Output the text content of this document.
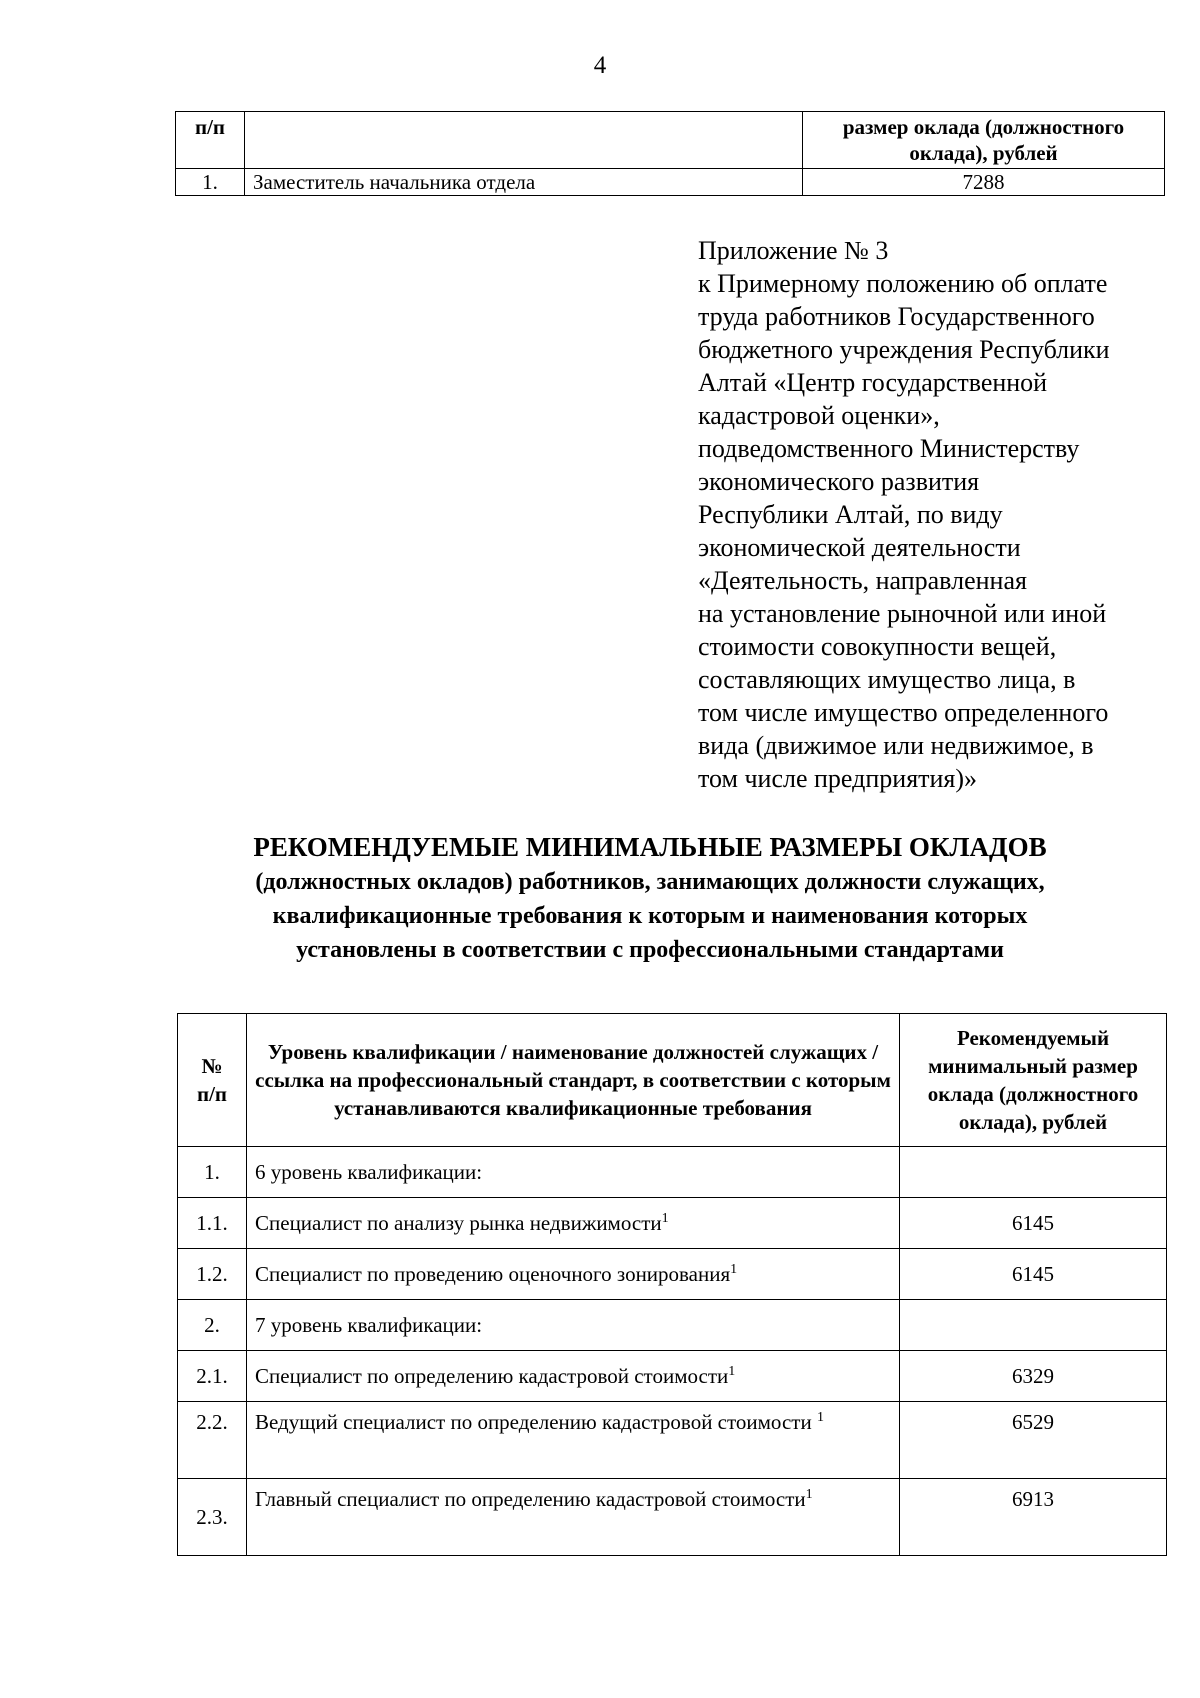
4
п/п		размер оклада (должностного оклада), рублей
1.	Заместитель начальника отдела	7288
Приложение № 3
к Примерному положению об оплате
труда работников Государственного
бюджетного учреждения Республики
Алтай «Центр государственной
кадастровой оценки»,
подведомственного Министерству
экономического развития
Республики Алтай, по виду
экономической деятельности
«Деятельность, направленная
на установление рыночной или иной
стоимости совокупности вещей,
составляющих имущество лица, в
том числе имущество определенного
вида (движимое или недвижимое, в
том числе предприятия)»
РЕКОМЕНДУЕМЫЕ МИНИМАЛЬНЫЕ РАЗМЕРЫ ОКЛАДОВ
(должностных окладов) работников, занимающих должности служащих,
квалификационные требования к которым и наименования которых
установлены в соответствии с профессиональными стандартами
№
п/п	Уровень квалификации / наименование должностей служащих / ссылка на профессиональный стандарт, в соответствии с которым устанавливаются квалификационные требования	Рекомендуемый минимальный размер оклада (должностного оклада), рублей
1.	6 уровень квалификации:	
1.1.	Специалист по анализу рынка недвижимости$^1$	6145
1.2.	Специалист по проведению оценочного зонирования$^1$	6145
2.	7 уровень квалификации:	
2.1.	Специалист по определению кадастровой стоимости$^1$	6329
2.2.	Ведущий специалист по определению кадастровой стоимости $^1$	6529
2.3.	Главный специалист по определению кадастровой стоимости$^1$	6913
